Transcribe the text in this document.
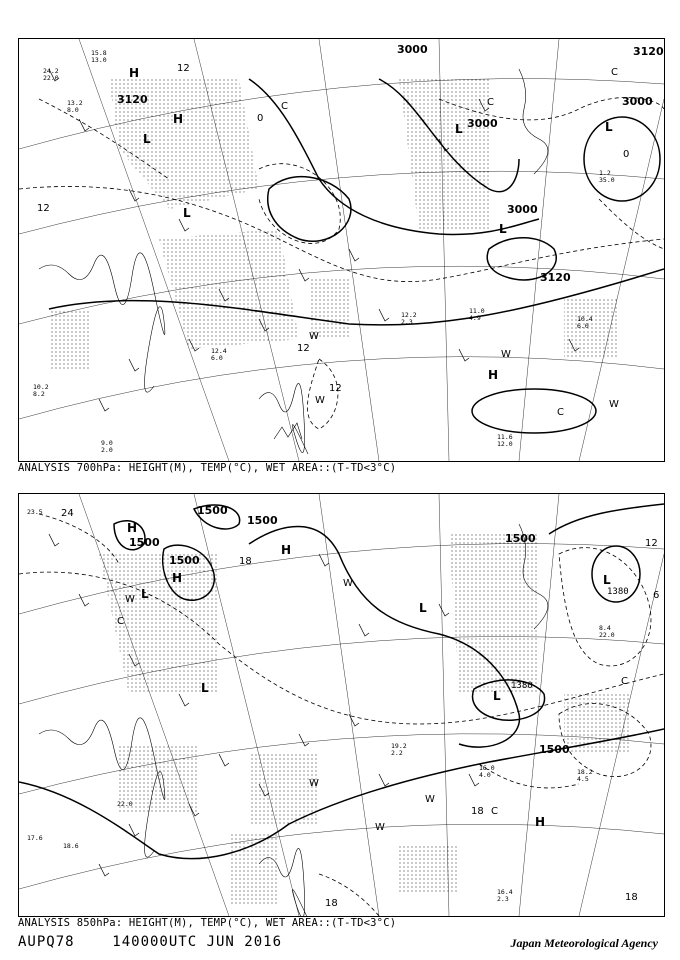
3000
3000
3000
3000
3120
3120
3120
12
12
12
12
0
0
H
H
H
L
L
L
L
L
W
W
W
W
C	C
C
C
24.2
22.0
13.2
8.0
15.8
13.0
12.2
2.3
11.0
4.9	10.4
6.0
11.6
12.0
1.2
35.0
12.4
6.0
10.2
8.2
9.0
2.0
ANALYSIS 700hPa: HEIGHT(M), TEMP(°C), WET AREA::(T-TD<3°C)
1500
1500
1500
1500
1500
1500
1380
1380
24
18
18
18
18
12
6
H
H
H
H
L
L
L
L
L
W
W
W
W
W
C
C
C
23.5
17.6
18.6
22.0
19.2
2.2
16.4
2.3
18.2
4.5
8.4
22.0
16.0
4.0
ANALYSIS 850hPa: HEIGHT(M), TEMP(°C), WET AREA::(T-TD<3°C)
AUPQ78    140000UTC JUN 2016	Japan Meteorological Agency
